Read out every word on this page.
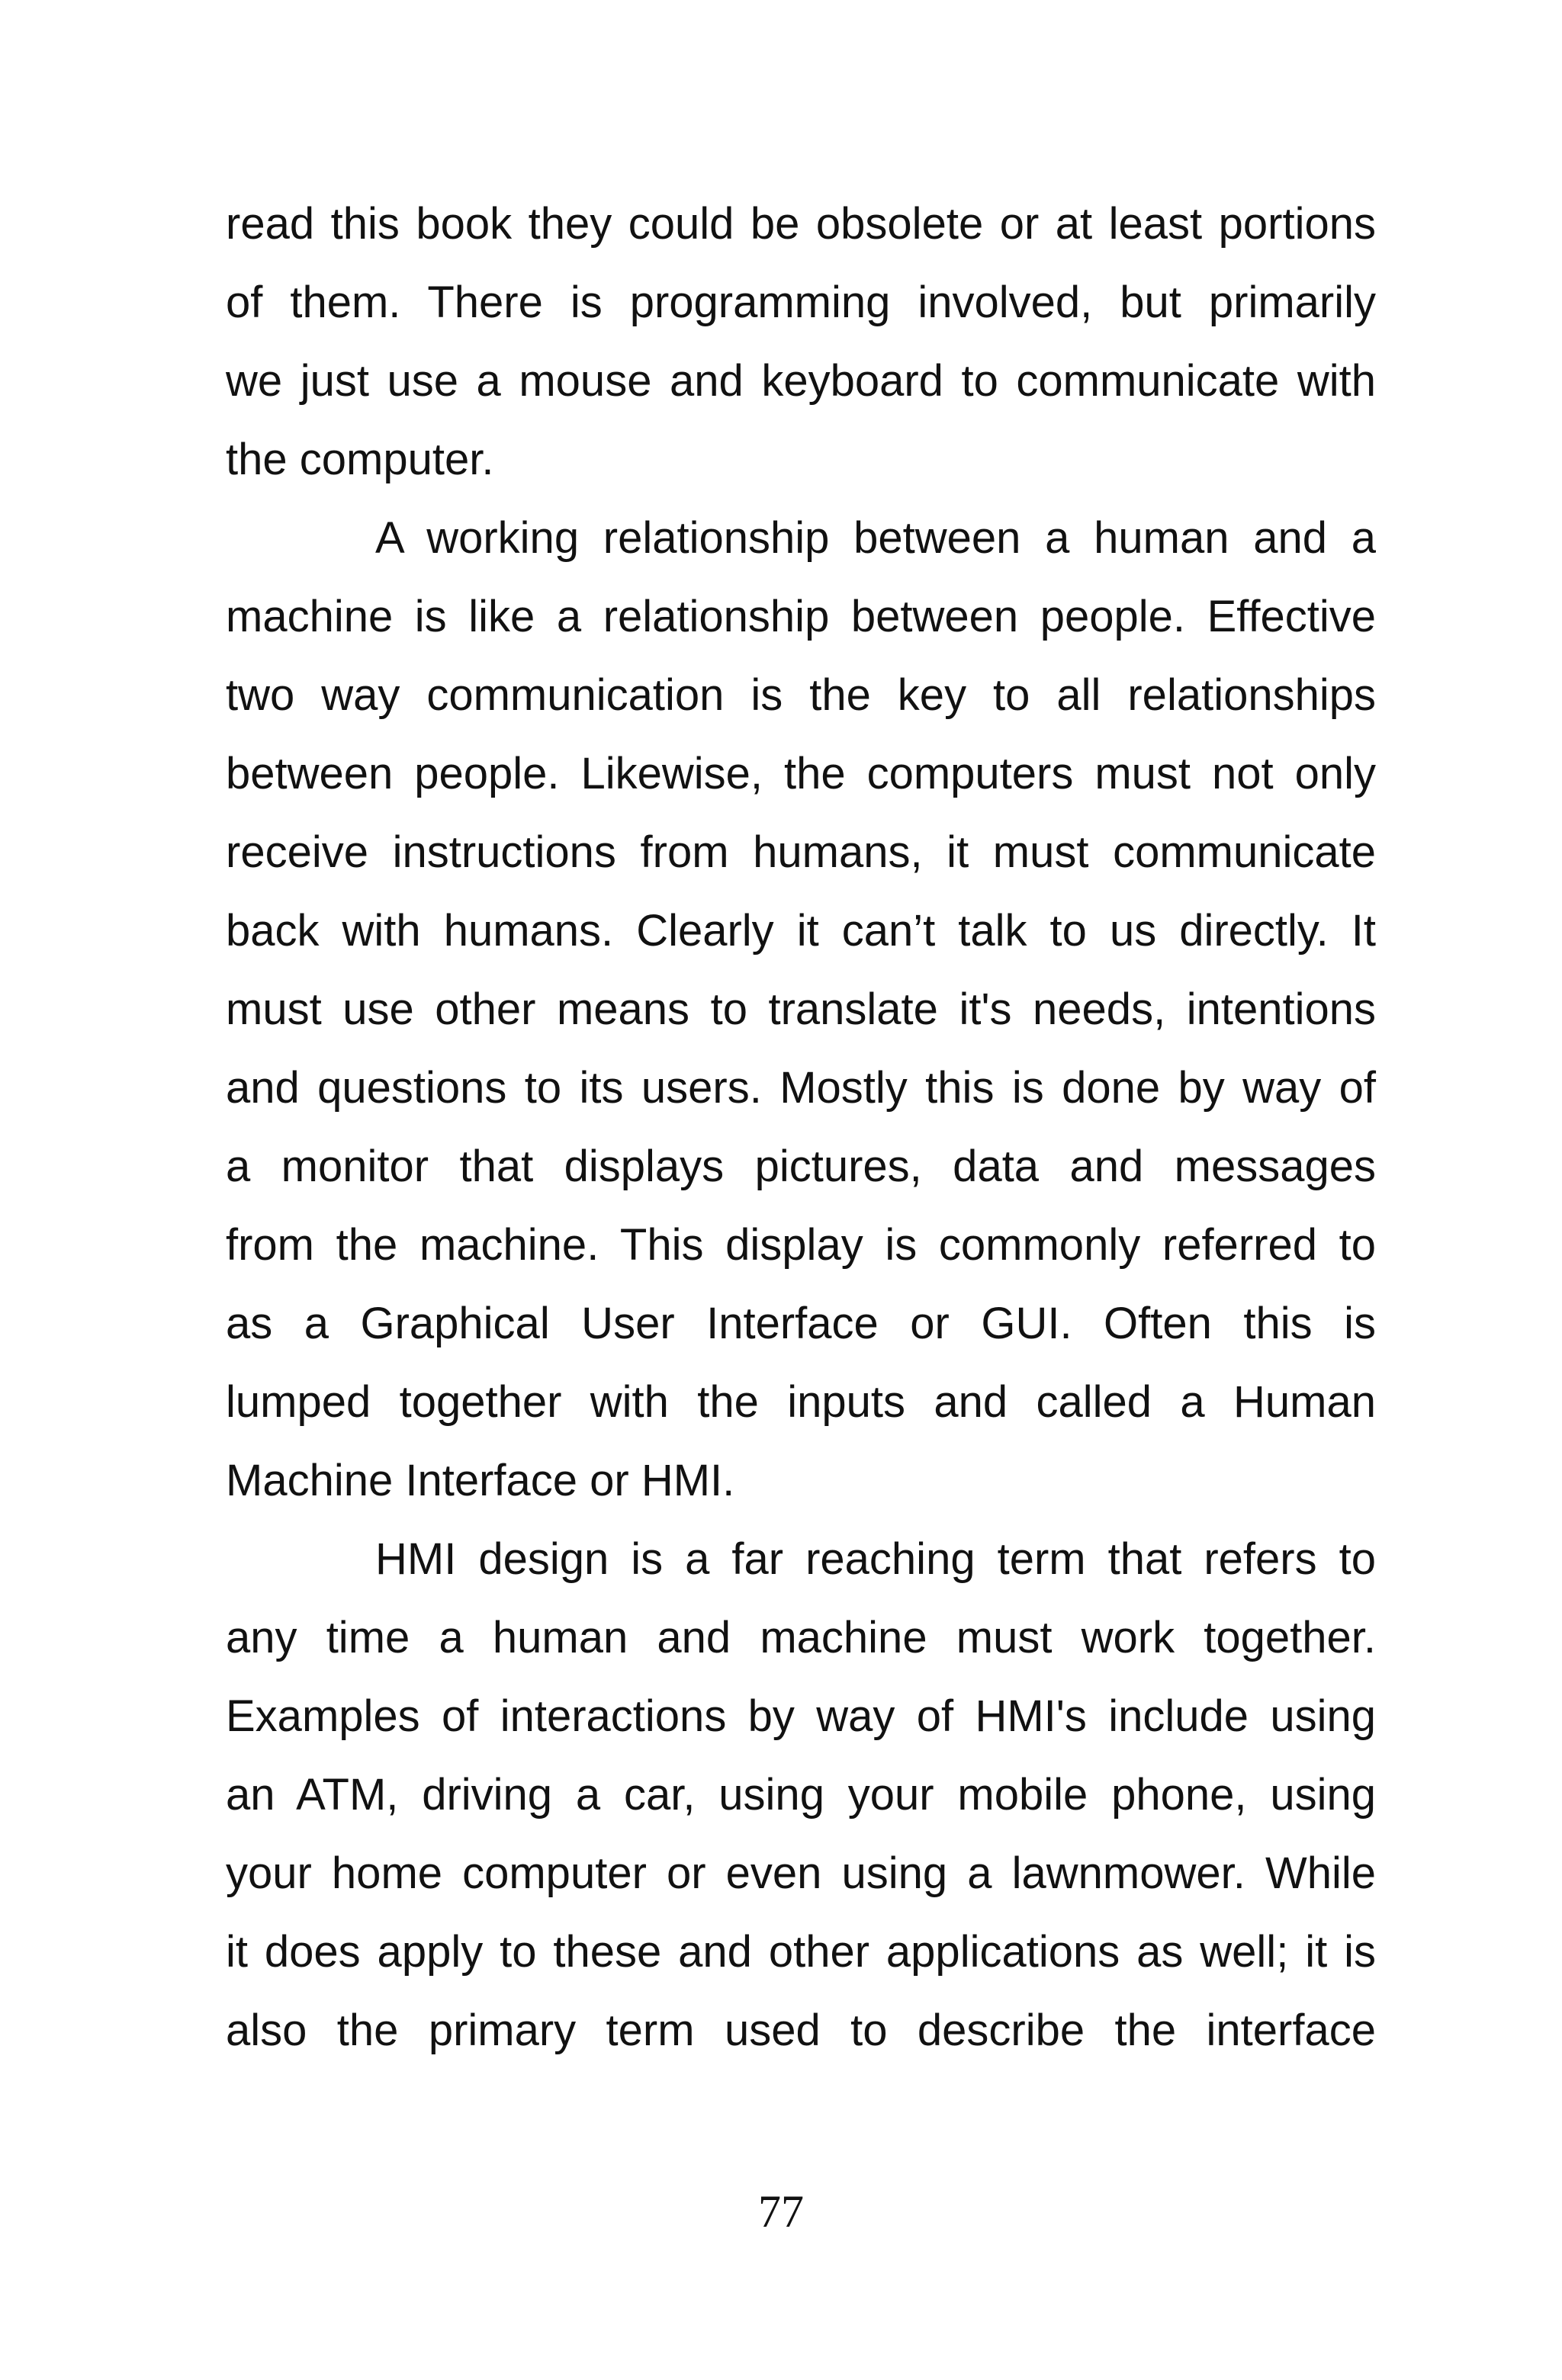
read this book they could be obsolete or at least portions
of them. There is programming involved, but primarily
we just use a mouse and keyboard to communicate with
the computer.
A working relationship between a human and a
machine is like a relationship between people. Effective
two way communication is the key to all relationships
between people. Likewise, the computers must not only
receive instructions from humans, it must communicate
back with humans. Clearly it can’t talk to us directly. It
must use other means to translate it's needs, intentions
and questions to its users. Mostly this is done by way of
a monitor that displays pictures, data and messages
from the machine. This display is commonly referred to
as a Graphical User Interface or GUI. Often this is
lumped together with the inputs and called a Human
Machine Interface or HMI.
HMI design is a far reaching term that refers to
any time a human and machine must work together.
Examples of interactions by way of HMI's include using
an ATM, driving a car, using your mobile phone, using
your home computer or even using a lawnmower. While
it does apply to these and other applications as well; it is
also the primary term used to describe the interface
77
